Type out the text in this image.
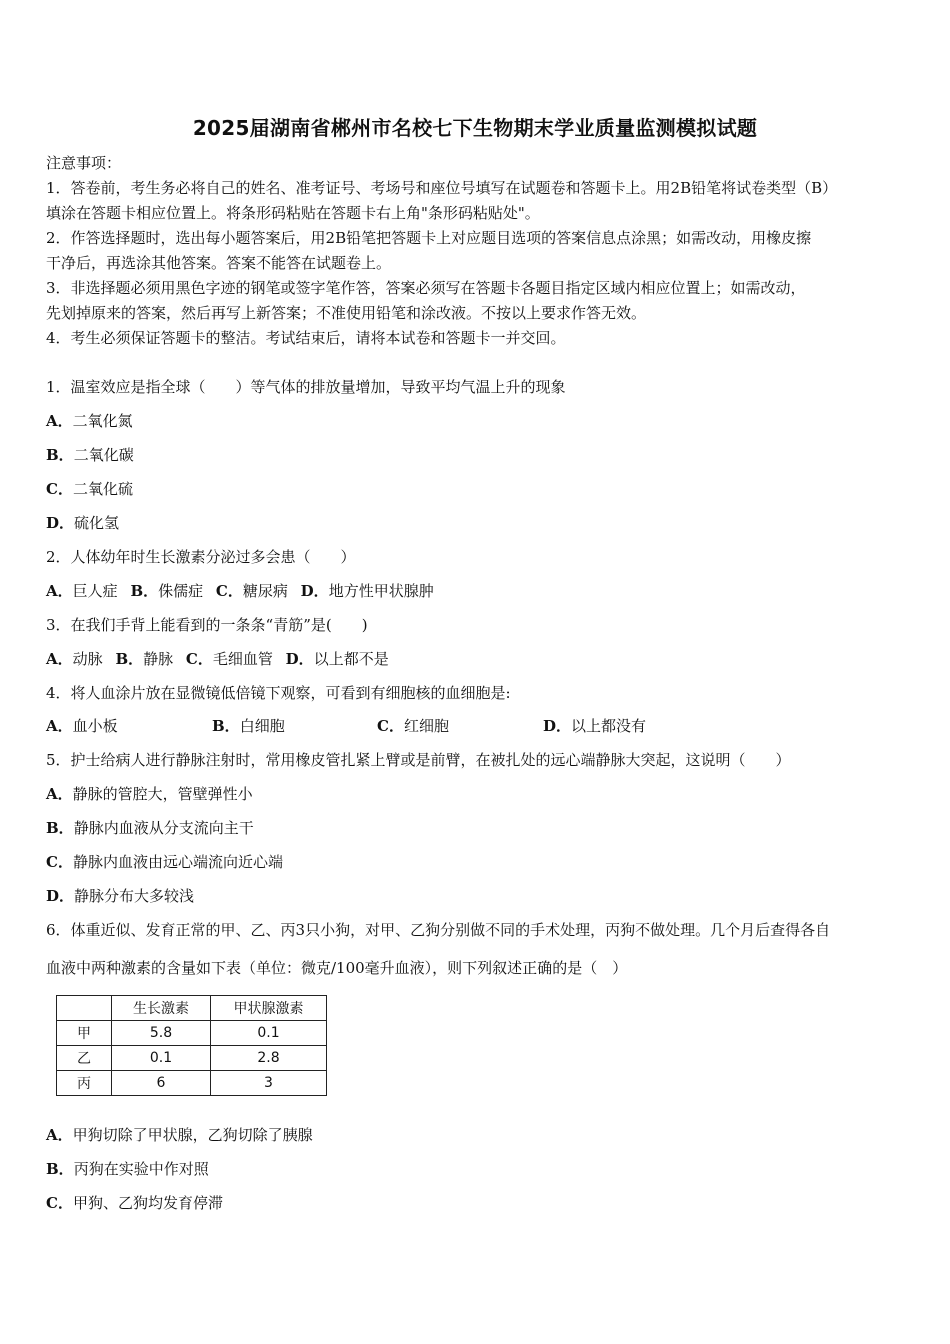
2025届湖南省郴州市名校七下生物期末学业质量监测模拟试题
注意事项：
1．答卷前，考生务必将自己的姓名、准考证号、考场号和座位号填写在试题卷和答题卡上。用2B铅笔将试卷类型（B）
填涂在答题卡相应位置上。将条形码粘贴在答题卡右上角"条形码粘贴处"。
2．作答选择题时，选出每小题答案后，用2B铅笔把答题卡上对应题目选项的答案信息点涂黑；如需改动，用橡皮擦
干净后，再选涂其他答案。答案不能答在试题卷上。
3．非选择题必须用黑色字迹的钢笔或签字笔作答，答案必须写在答题卡各题目指定区域内相应位置上；如需改动，
先划掉原来的答案，然后再写上新答案；不准使用铅笔和涂改液。不按以上要求作答无效。
4．考生必须保证答题卡的整洁。考试结束后，请将本试卷和答题卡一并交回。
1．温室效应是指全球（　　）等气体的排放量增加，导致平均气温上升的现象
A．二氧化氮
B．二氧化碳
C．二氧化硫
D．硫化氢
2．人体幼年时生长激素分泌过多会患（　　）
A．巨人症 B．侏儒症 C．糖尿病 D．地方性甲状腺肿
3．在我们手背上能看到的一条条“青筋”是(　　)
A．动脉 B．静脉 C．毛细血管 D．以上都不是
4．将人血涂片放在显微镜低倍镜下观察，可看到有细胞核的血细胞是:
A．血小板	B．白细胞	C．红细胞	D．以上都没有
5．护士给病人进行静脉注射时，常用橡皮管扎紧上臂或是前臂，在被扎处的远心端静脉大突起，这说明（　　）
A．静脉的管腔大，管壁弹性小
B．静脉内血液从分支流向主干
C．静脉内血液由远心端流向近心端
D．静脉分布大多较浅
6．体重近似、发育正常的甲、乙、丙3只小狗，对甲、乙狗分别做不同的手术处理，丙狗不做处理。几个月后查得各自
血液中两种激素的含量如下表（单位：微克/100毫升血液），则下列叙述正确的是（　）
	生长激素	甲状腺激素
甲	5.8	0.1
乙	0.1	2.8
丙	6	3
A．甲狗切除了甲状腺，乙狗切除了胰腺
B．丙狗在实验中作对照
C．甲狗、乙狗均发育停滞
